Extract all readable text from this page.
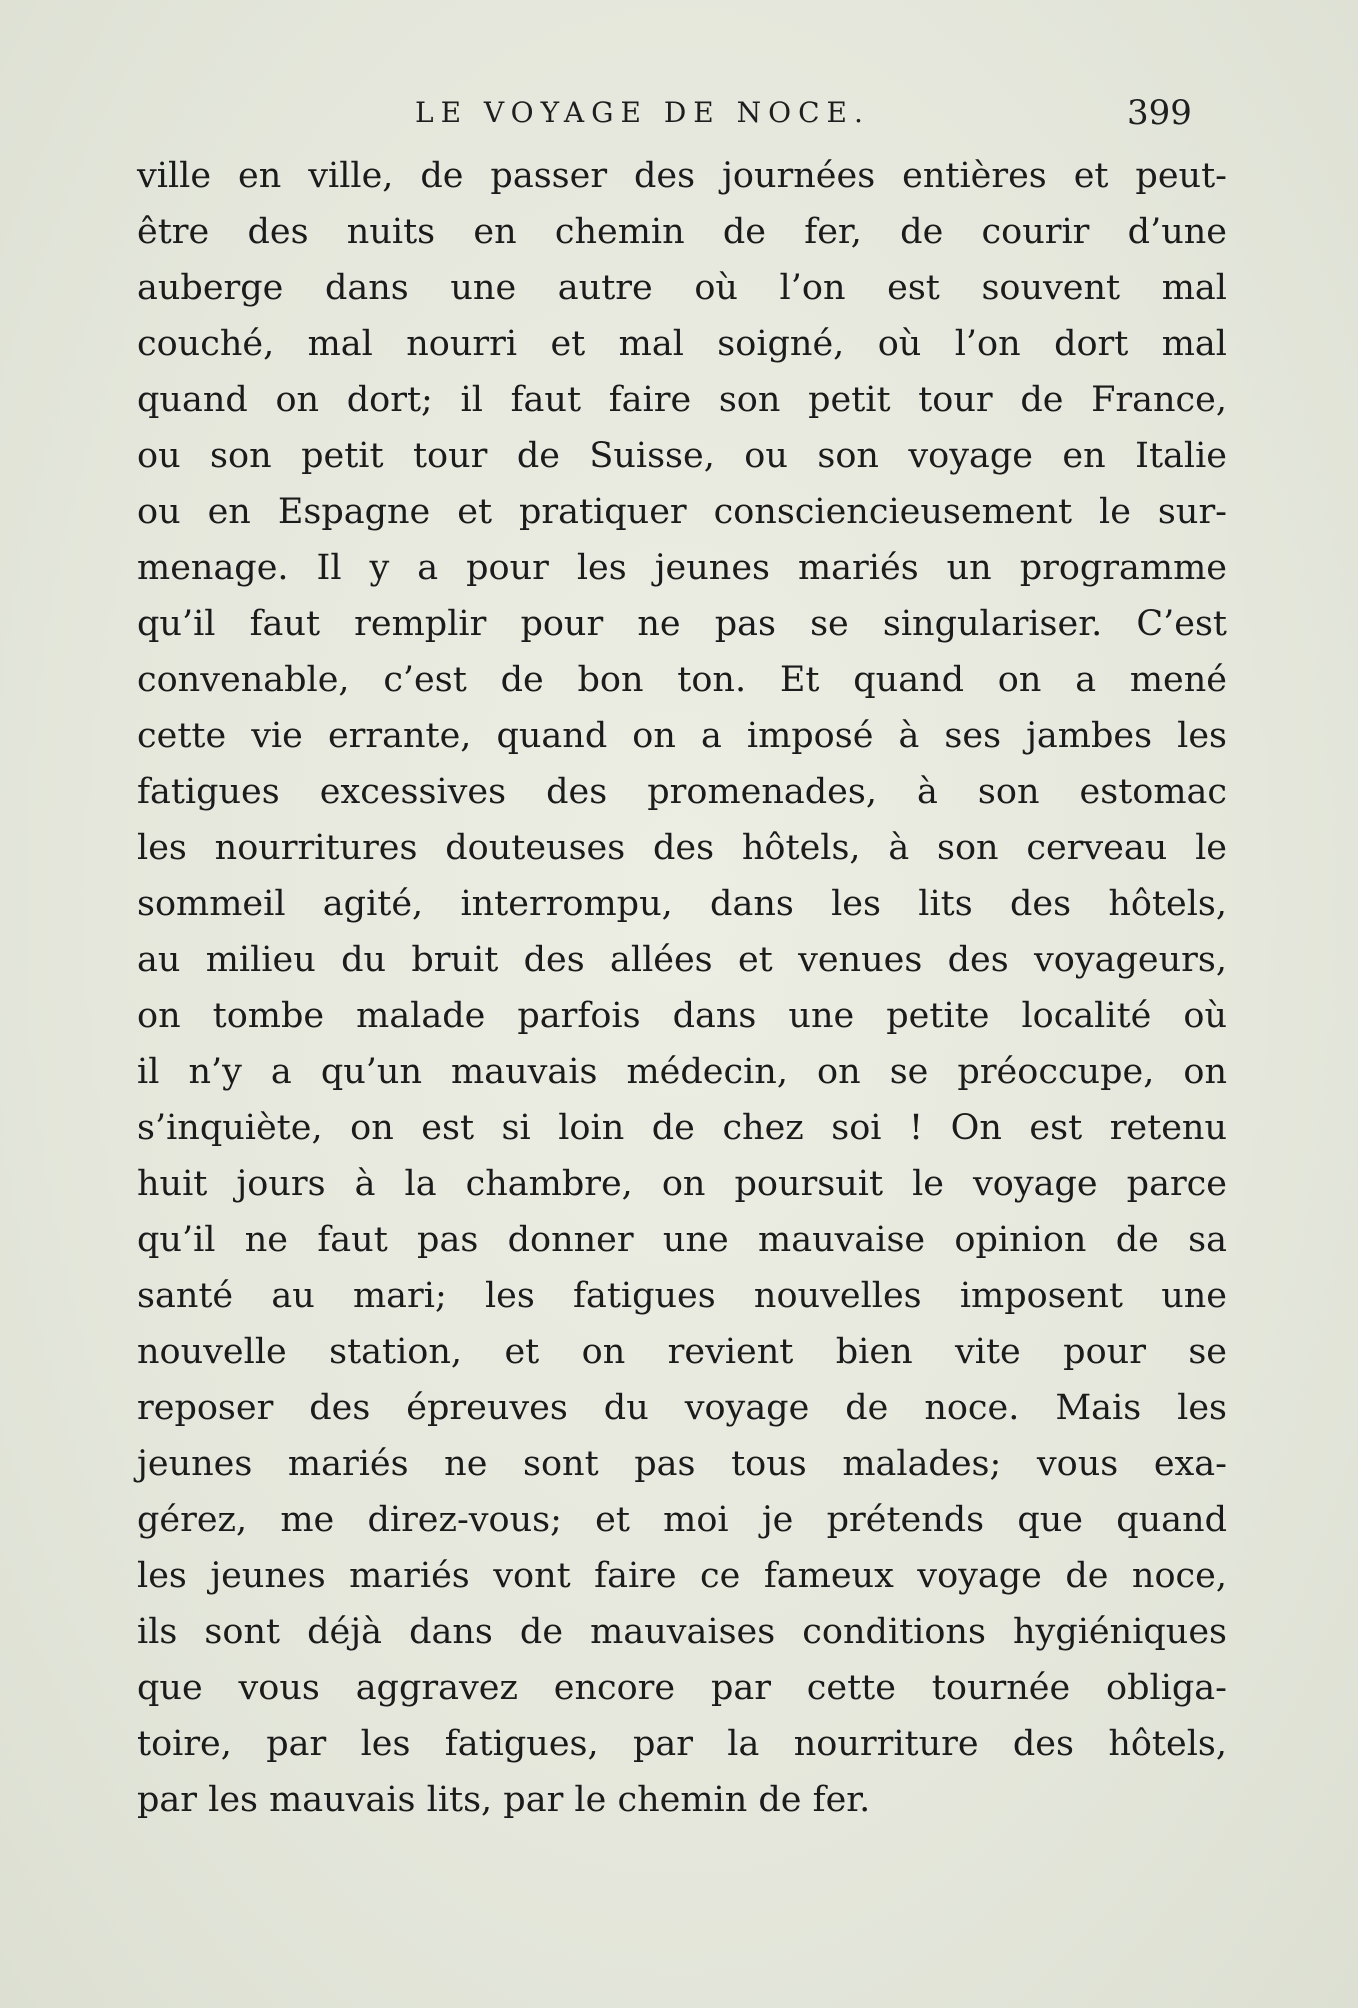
LE VOYAGE DE NOCE.	399
ville en ville, de passer des journées entières et peut-
être des nuits en chemin de fer, de courir d’une
auberge dans une autre où l’on est souvent mal
couché, mal nourri et mal soigné, où l’on dort mal
quand on dort; il faut faire son petit tour de France,
ou son petit tour de Suisse, ou son voyage en Italie
ou en Espagne et pratiquer consciencieusement le sur-
menage. Il y a pour les jeunes mariés un programme
qu’il faut remplir pour ne pas se singulariser. C’est
convenable, c’est de bon ton. Et quand on a mené
cette vie errante, quand on a imposé à ses jambes les
fatigues excessives des promenades, à son estomac
les nourritures douteuses des hôtels, à son cerveau le
sommeil agité, interrompu, dans les lits des hôtels,
au milieu du bruit des allées et venues des voyageurs,
on tombe malade parfois dans une petite localité où
il n’y a qu’un mauvais médecin, on se préoccupe, on
s’inquiète, on est si loin de chez soi ! On est retenu
huit jours à la chambre, on poursuit le voyage parce
qu’il ne faut pas donner une mauvaise opinion de sa
santé au mari; les fatigues nouvelles imposent une
nouvelle station, et on revient bien vite pour se
reposer des épreuves du voyage de noce. Mais les
jeunes mariés ne sont pas tous malades; vous exa-
gérez, me direz-vous; et moi je prétends que quand
les jeunes mariés vont faire ce fameux voyage de noce,
ils sont déjà dans de mauvaises conditions hygiéniques
que vous aggravez encore par cette tournée obliga-
toire, par les fatigues, par la nourriture des hôtels,
par les mauvais lits, par le chemin de fer.
